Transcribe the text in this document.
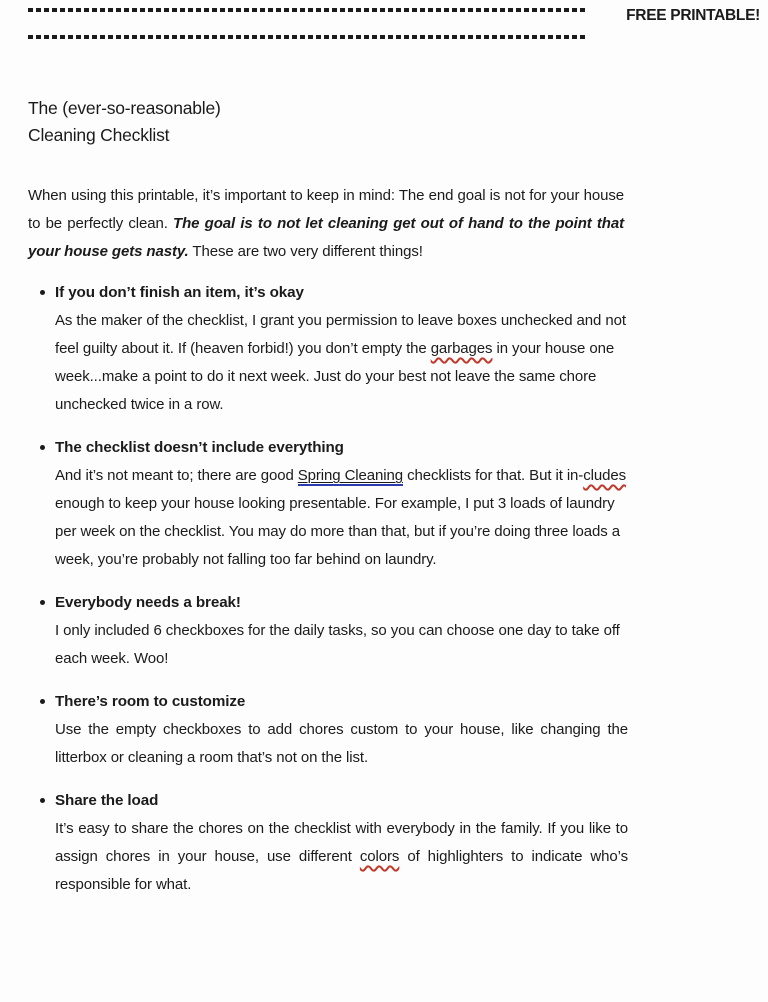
FREE PRINTABLE!
The (ever-so-reasonable)
Cleaning Checklist

When using this printable, it’s important to keep in mind: The end goal is not for your house to be perfectly clean. The goal is to not let cleaning get out of hand to the point that your house gets nasty. These are two very different things!

If you don’t finish an item, it’s okay
As the maker of the checklist, I grant you permission to leave boxes unchecked and not feel guilty about it. If (heaven forbid!) you don’t empty the garbages in your house one week...make a point to do it next week. Just do your best not leave the same chore unchecked twice in a row.
The checklist doesn’t include everything
And it’s not meant to; there are good Spring Cleaning checklists for that. But it in-cludes enough to keep your house looking presentable. For example, I put 3 loads of laundry per week on the checklist. You may do more than that, but if you’re doing three loads a week, you’re probably not falling too far behind on laundry.
Everybody needs a break!
I only included 6 checkboxes for the daily tasks, so you can choose one day to take off each week. Woo!
There’s room to customize
Use the empty checkboxes to add chores custom to your house, like changing the litterbox or cleaning a room that’s not on the list.
Share the load
It’s easy to share the chores on the checklist with everybody in the family. If you like to assign chores in your house, use different colors of highlighters to indicate who’s responsible for what.
